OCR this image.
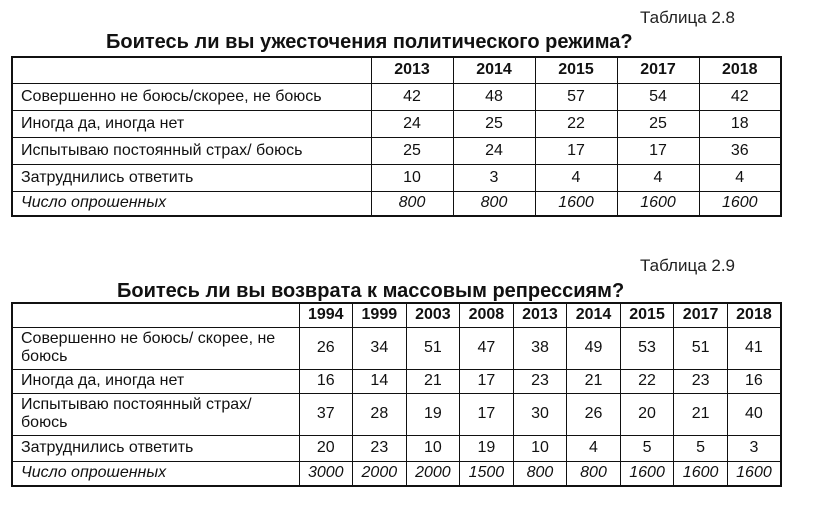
Таблица 2.8
Боитесь ли вы ужесточения политического режима?
	2013	2014	2015	2017	2018
Совершенно не боюсь/скорее, не боюсь	42	48	57	54	42
Иногда да, иногда нет	24	25	22	25	18
Испытываю постоянный страх/ боюсь	25	24	17	17	36
Затруднились ответить	10	3	4	4	4
Число опрошенных	800	800	1600	1600	1600
Таблица 2.9
Боитесь ли вы возврата к массовым репрессиям?
	1994	1999	2003	2008	2013	2014	2015	2017	2018
Совершенно не боюсь/ скорее, не боюсь	26	34	51	47	38	49	53	51	41
Иногда да, иногда нет	16	14	21	17	23	21	22	23	16
Испытываю постоянный страх/ боюсь	37	28	19	17	30	26	20	21	40
Затруднились ответить	20	23	10	19	10	4	5	5	3
Число опрошенных	3000	2000	2000	1500	800	800	1600	1600	1600
